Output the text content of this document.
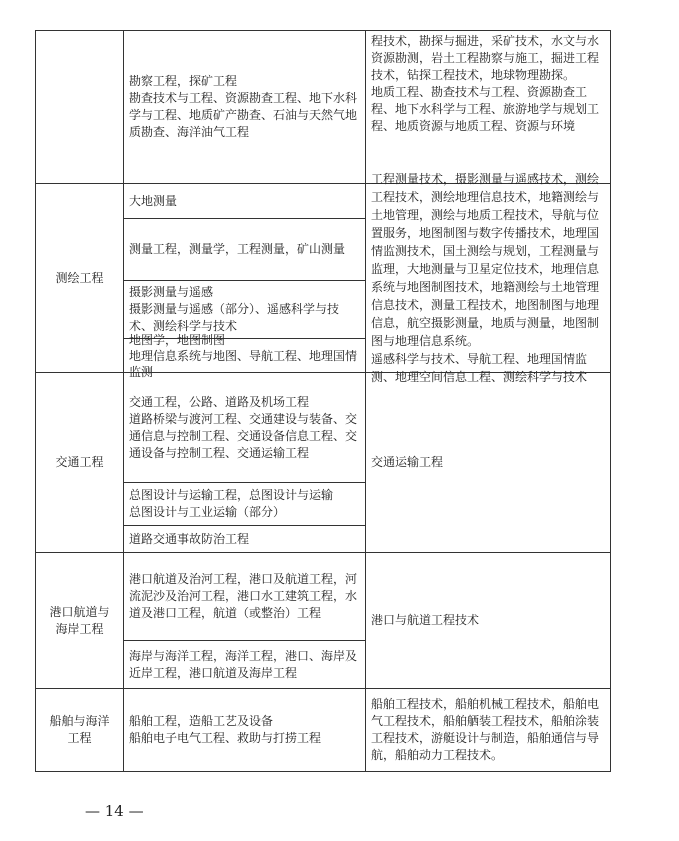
勘察工程，探矿工程
勘查技术与工程、资源勘查工程、地下水科学与工程、地质矿产勘查、石油与天然气地质勘查、海洋油气工程
程技术，勘探与掘进，采矿技术，水文与水资源勘测，岩土工程勘察与施工，掘进工程技术，钻探工程技术，地球物理勘探。
地质工程、勘查技术与工程、资源勘查工程、地下水科学与工程、旅游地学与规划工程、地质资源与地质工程、资源与环境
测绘工程
大地测量
测量工程，测量学，工程测量，矿山测量
摄影测量与遥感
摄影测量与遥感（部分）、遥感科学与技术、测绘科学与技术
地图学，地图制图
地理信息系统与地图、导航工程、地理国情监测
工程测量技术，摄影测量与遥感技术，测绘工程技术，测绘地理信息技术，地籍测绘与土地管理，测绘与地质工程技术，导航与位置服务，地图制图与数字传播技术，地理国情监测技术，国土测绘与规划，工程测量与监理，大地测量与卫星定位技术，地理信息系统与地图制图技术，地籍测绘与土地管理信息技术，测量工程技术，地图制图与地理信息，航空摄影测量，地质与测量，地图制图与地理信息系统。
遥感科学与技术、导航工程、地理国情监测、地理空间信息工程、测绘科学与技术
交通工程
交通工程，公路、道路及机场工程
道路桥梁与渡河工程、交通建设与装备、交通信息与控制工程、交通设备信息工程、交通设备与控制工程、交通运输工程
总图设计与运输工程，总图设计与运输
总图设计与工业运输（部分）
道路交通事故防治工程
交通运输工程
港口航道与
海岸工程
港口航道及治河工程，港口及航道工程，河流泥沙及治河工程，港口水工建筑工程，水道及港口工程，航道（或整治）工程
海岸与海洋工程，海洋工程，港口、海岸及近岸工程，港口航道及海岸工程
港口与航道工程技术
船舶与海洋
工程
船舶工程，造船工艺及设备
船舶电子电气工程、救助与打捞工程
船舶工程技术，船舶机械工程技术，船舶电气工程技术，船舶舾装工程技术，船舶涂装工程技术，游艇设计与制造，船舶通信与导航，船舶动力工程技术。
— 14 —
